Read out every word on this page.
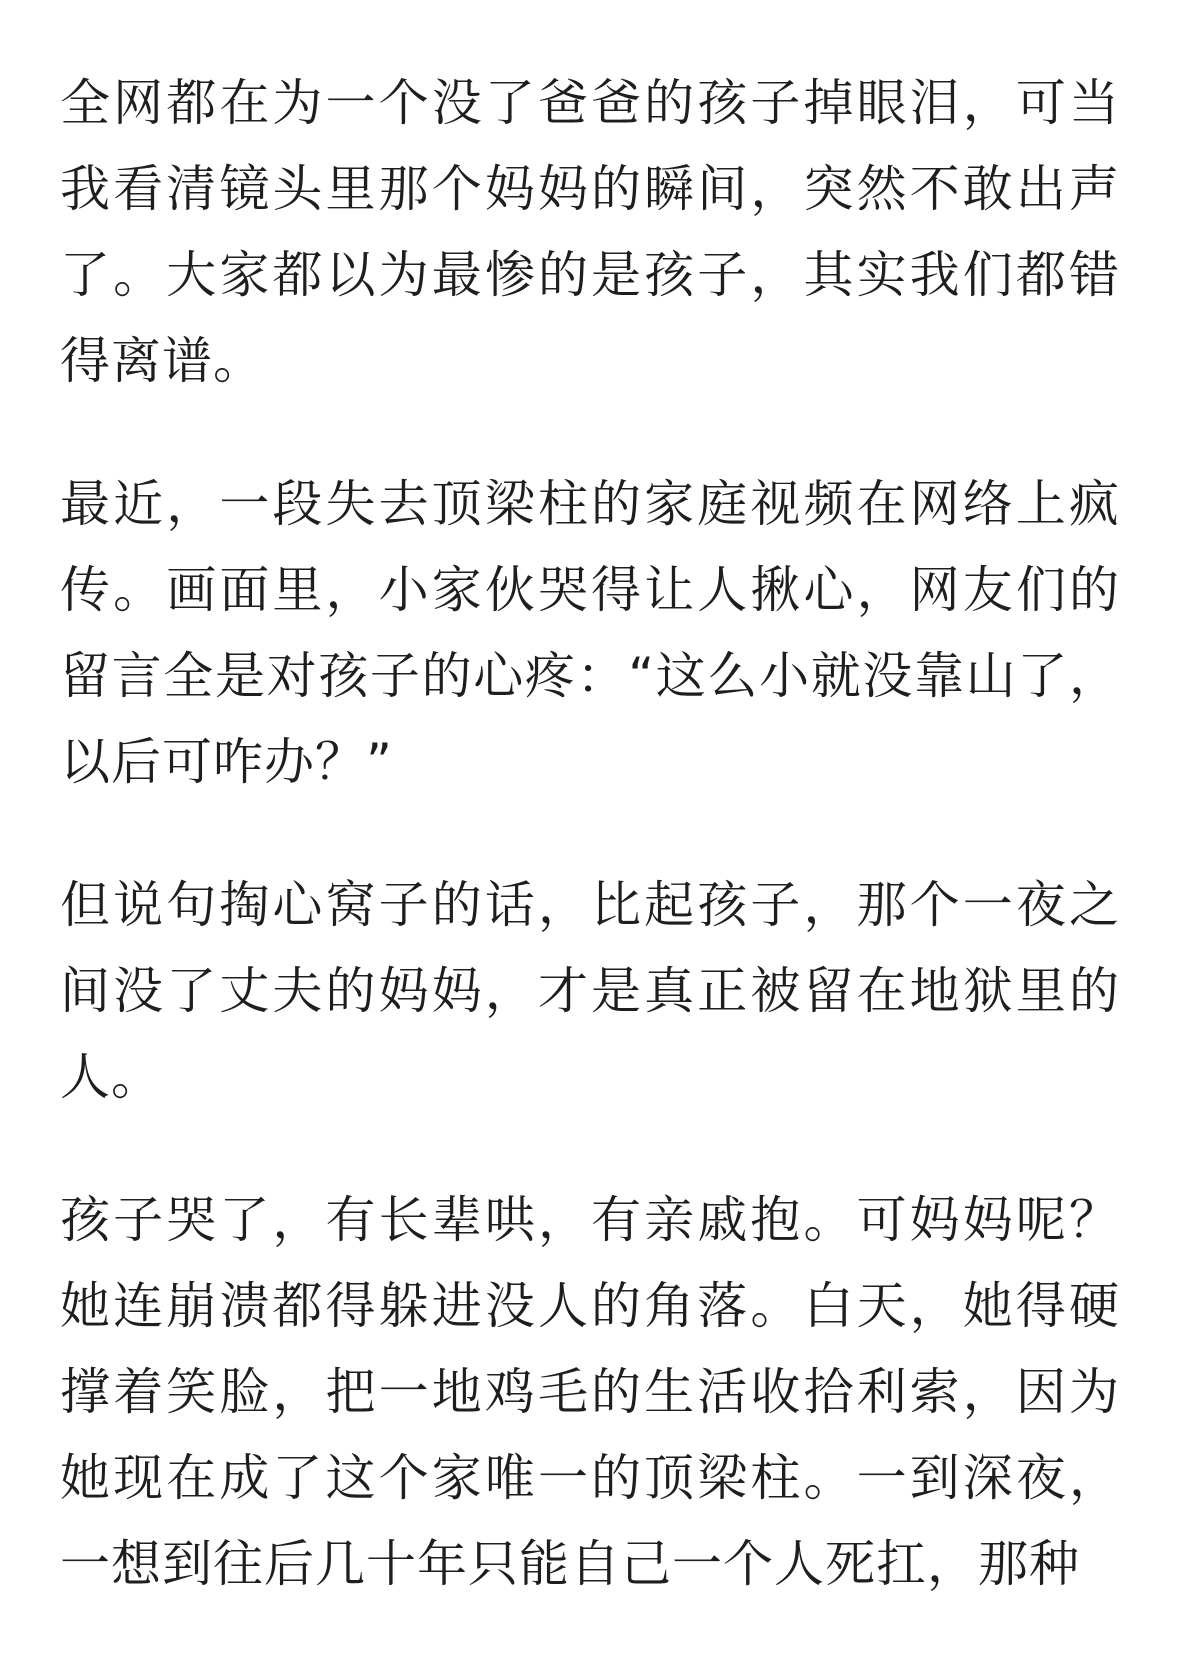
全网都在为一个没了爸爸的孩子掉眼泪，可当我看清镜头里那个妈妈的瞬间，突然不敢出声了。大家都以为最惨的是孩子，其实我们都错得离谱。

最近，一段失去顶梁柱的家庭视频在网络上疯传。画面里，小家伙哭得让人揪心，网友们的留言全是对孩子的心疼：“这么小就没靠山了，以后可咋办？”

但说句掏心窝子的话，比起孩子，那个一夜之间没了丈夫的妈妈，才是真正被留在地狱里的人。

孩子哭了，有长辈哄，有亲戚抱。可妈妈呢？她连崩溃都得躲进没人的角落。白天，她得硬撑着笑脸，把一地鸡毛的生活收拾利索，因为她现在成了这个家唯一的顶梁柱。一到深夜，一想到往后几十年只能自己一个人死扛，那种
